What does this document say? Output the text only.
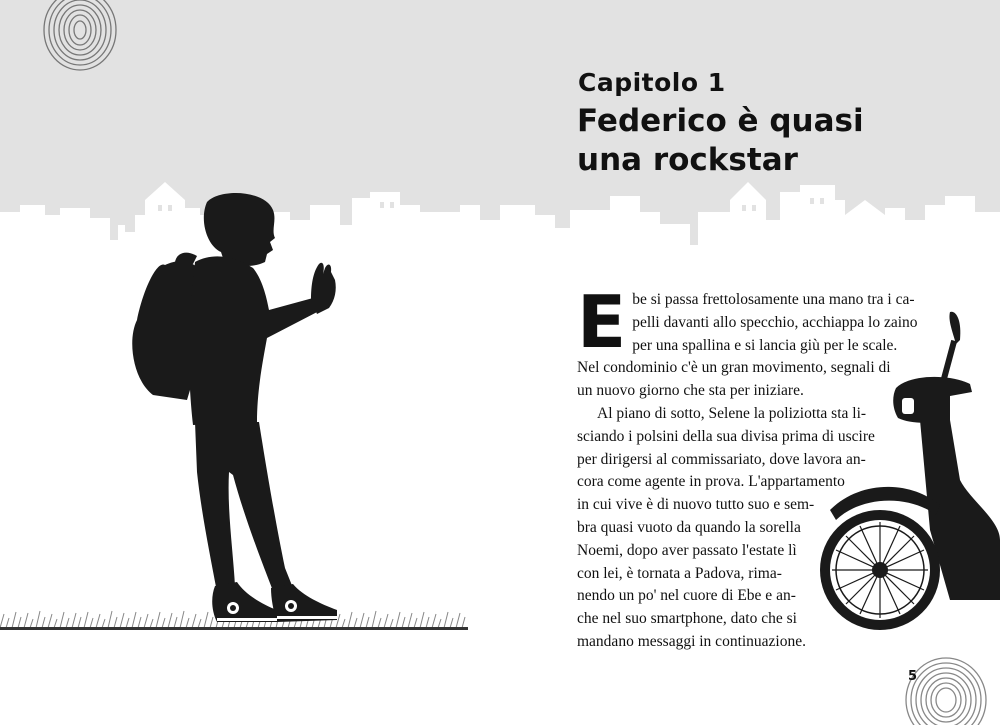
Capitolo 1
Federico è quasi
una rockstar

E be si passa frettolosamente una mano tra i ca-
pelli davanti allo specchio, acchiappa lo zaino
per una spallina e si lancia giù per le scale.
Nel condominio c'è un gran movimento, segnali di
un nuovo giorno che sta per iniziare.

Al piano di sotto, Selene la poliziotta sta li-
sciando i polsini della sua divisa prima di uscire
per dirigersi al commissariato, dove lavora an-
cora come agente in prova. L'appartamento
in cui vive è di nuovo tutto suo e sem-
bra quasi vuoto da quando la sorella
Noemi, dopo aver passato l'estate lì
con lei, è tornata a Padova, rima-
nendo un po' nel cuore di Ebe e an-
che nel suo smartphone, dato che si
mandano messaggi in continuazione.

5
